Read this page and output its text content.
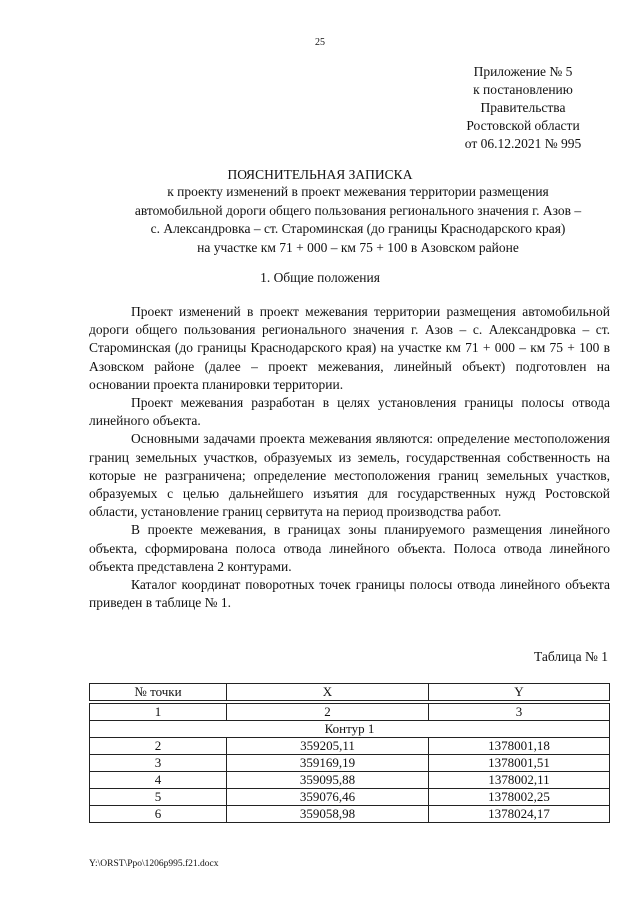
25
Приложение № 5
к постановлению
Правительства
Ростовской области
от 06.12.2021 № 995
ПОЯСНИТЕЛЬНАЯ ЗАПИСКА
к проекту изменений в проект межевания территории размещения
автомобильной дороги общего пользования регионального значения г. Азов –
с. Александровка – ст. Староминская (до границы Краснодарского края)
на участке км 71 + 000 – км 75 + 100 в Азовском районе
1. Общие положения

Проект изменений в проект межевания территории размещения автомобильной дороги общего пользования регионального значения г. Азов – с. Александровка – ст. Староминская (до границы Краснодарского края) на участке км 71 + 000 – км 75 + 100 в Азовском районе (далее – проект межевания, линейный объект) подготовлен на основании проекта планировки территории.

Проект межевания разработан в целях установления границы полосы отвода линейного объекта.

Основными задачами проекта межевания являются: определение местоположения границ земельных участков, образуемых из земель, государственная собственность на которые не разграничена; определение местоположения границ земельных участков, образуемых с целью дальнейшего изъятия для государственных нужд Ростовской области, установление границ сервитута на период производства работ.

В проекте межевания, в границах зоны планируемого размещения линейного объекта, сформирована полоса отвода линейного объекта. Полоса отвода линейного объекта представлена 2 контурами.

Каталог координат поворотных точек границы полосы отвода линейного объекта приведен в таблице № 1.

Таблица № 1
№ точки	X	Y

1	2	3
Контур 1		
2	359205,11	1378001,18
3	359169,19	1378001,51
4	359095,88	1378002,11
5	359076,46	1378002,25
6	359058,98	1378024,17
Y:\ORST\Ppo\1206p995.f21.docx
